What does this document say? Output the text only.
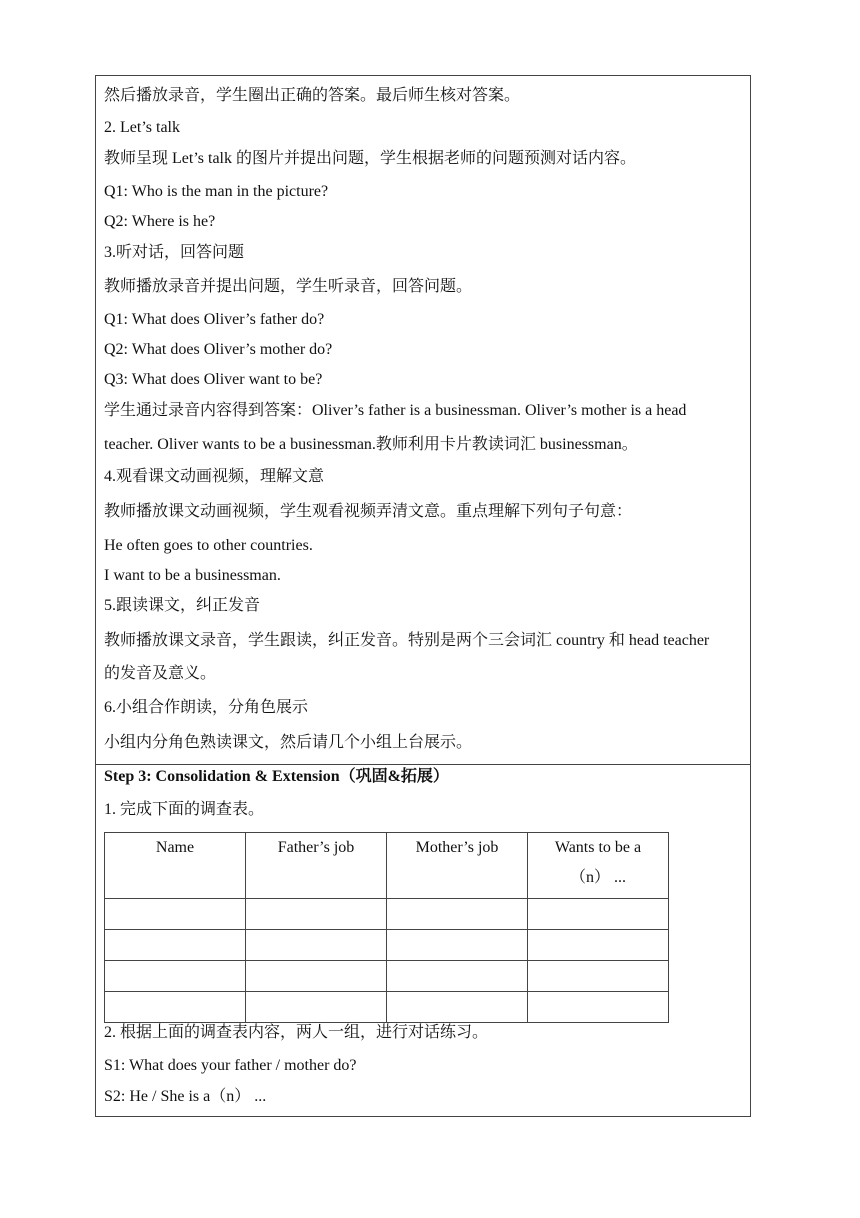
然后播放录音，学生圈出正确的答案。最后师生核对答案。
2. Let’s talk
教师呈现 Let’s talk 的图片并提出问题，学生根据老师的问题预测对话内容。
Q1: Who is the man in the picture?
Q2: Where is he?
3.听对话，回答问题
教师播放录音并提出问题，学生听录音，回答问题。
Q1: What does Oliver’s father do?
Q2: What does Oliver’s mother do?
Q3: What does Oliver want to be?
学生通过录音内容得到答案：Oliver’s father is a businessman. Oliver’s mother is a head
teacher. Oliver wants to be a businessman.教师利用卡片教读词汇 businessman。
4.观看课文动画视频，理解文意
教师播放课文动画视频，学生观看视频弄清文意。重点理解下列句子句意：
He often goes to other countries.
I want to be a businessman.
5.跟读课文，纠正发音
教师播放课文录音，学生跟读，纠正发音。特别是两个三会词汇 country 和 head teacher
的发音及意义。
6.小组合作朗读，分角色展示
小组内分角色熟读课文，然后请几个小组上台展示。
Step 3: Consolidation & Extension（巩固&拓展）
1. 完成下面的调查表。
Name	Father’s job	Mother’s job	Wants to be a
（n） ...

2. 根据上面的调查表内容，两人一组，进行对话练习。
S1: What does your father / mother do?
S2: He / She is a（n） ...
